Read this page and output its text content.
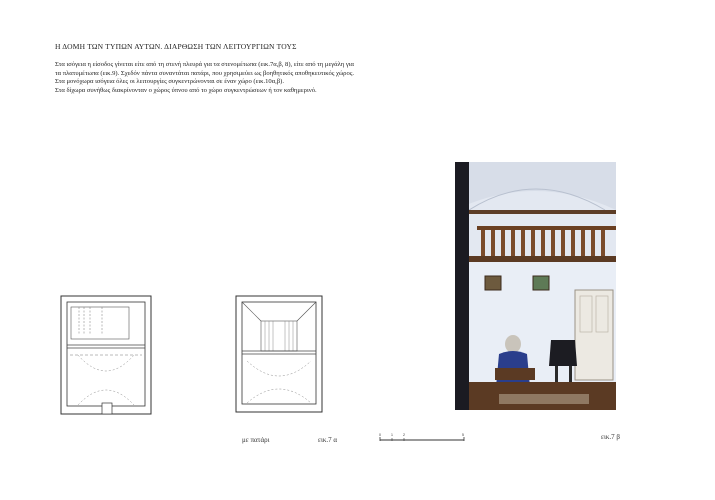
Η ΔΟΜΗ ΤΩΝ ΤΥΠΩΝ ΑΥΤΩΝ. ΔΙΑΡΘΩΣΗ ΤΩΝ ΛΕΙΤΟΥΡΓΙΩΝ ΤΟΥΣ

Στα ισόγεια η είσοδος γίνεται είτε από τη στενή πλευρά για τα στενομέτωπα (εικ.7α,β, 8), είτε από τη μεγάλη για τα πλατυμέτωπα (εικ.9). Σχεδόν πάντα συναντάται πατάρι, που χρησιμεύει ως βοηθητικός αποθηκευτικός χώρος. Στα μονόχωρα ισόγεια όλες οι λειτουργίες συγκεντρώνονται σε έναν χώρο (εικ.10α,β).
Στα δίχωρα συνήθως διακρίνονταν ο χώρος ύπνου από το χώρο συγκεντρώσεων ή τον καθημερινό.

με πατάρι	εικ.7 α
0	1	2	5	εικ.7 β
